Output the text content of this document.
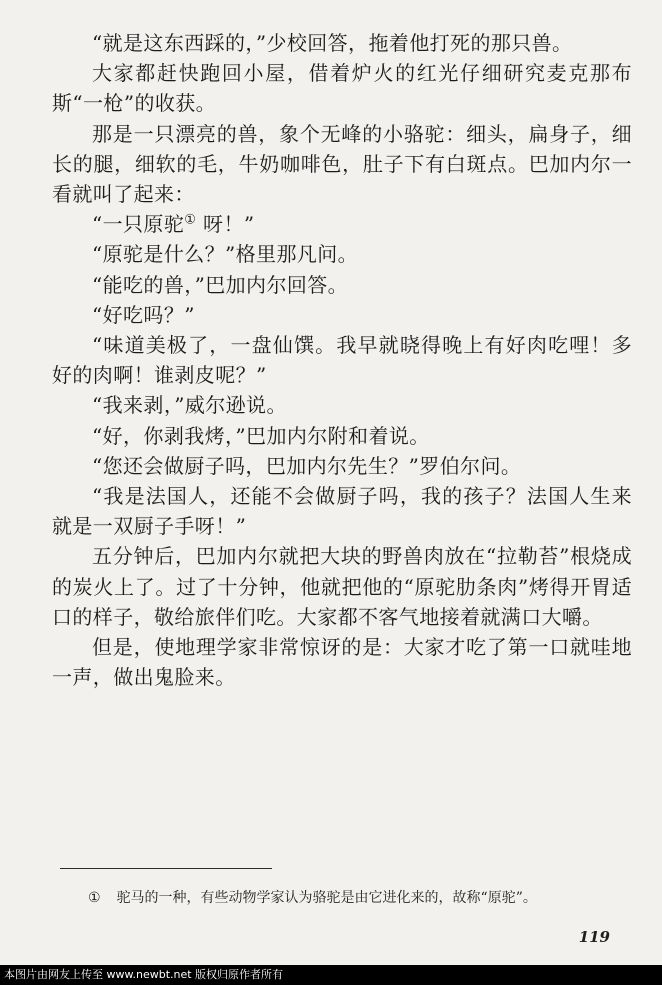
“就是这东西踩的，”少校回答，拖着他打死的那只兽。

大家都赶快跑回小屋，借着炉火的红光仔细研究麦克那布斯“一枪”的收获。

那是一只漂亮的兽，象个无峰的小骆驼：细头，扁身子，细长的腿，细软的毛，牛奶咖啡色，肚子下有白斑点。巴加内尔一看就叫了起来：

“一只原驼① 呀！”

“原驼是什么？”格里那凡问。

“能吃的兽，”巴加内尔回答。

“好吃吗？”

“味道美极了，一盘仙馔。我早就晓得晚上有好肉吃哩！多好的肉啊！谁剥皮呢？”

“我来剥，”威尔逊说。

“好，你剥我烤，”巴加内尔附和着说。

“您还会做厨子吗，巴加内尔先生？”罗伯尔问。

“我是法国人，还能不会做厨子吗，我的孩子？法国人生来就是一双厨子手呀！”

五分钟后，巴加内尔就把大块的野兽肉放在“拉勒苔”根烧成的炭火上了。过了十分钟，他就把他的“原驼肋条肉”烤得开胃适口的样子，敬给旅伴们吃。大家都不客气地接着就满口大嚼。

但是，使地理学家非常惊讶的是：大家才吃了第一口就哇地一声，做出鬼脸来。

① 驼马的一种，有些动物学家认为骆驼是由它进化来的，故称“原驼”。
119
本图片由网友上传至 www.newbt.net 版权归原作者所有
